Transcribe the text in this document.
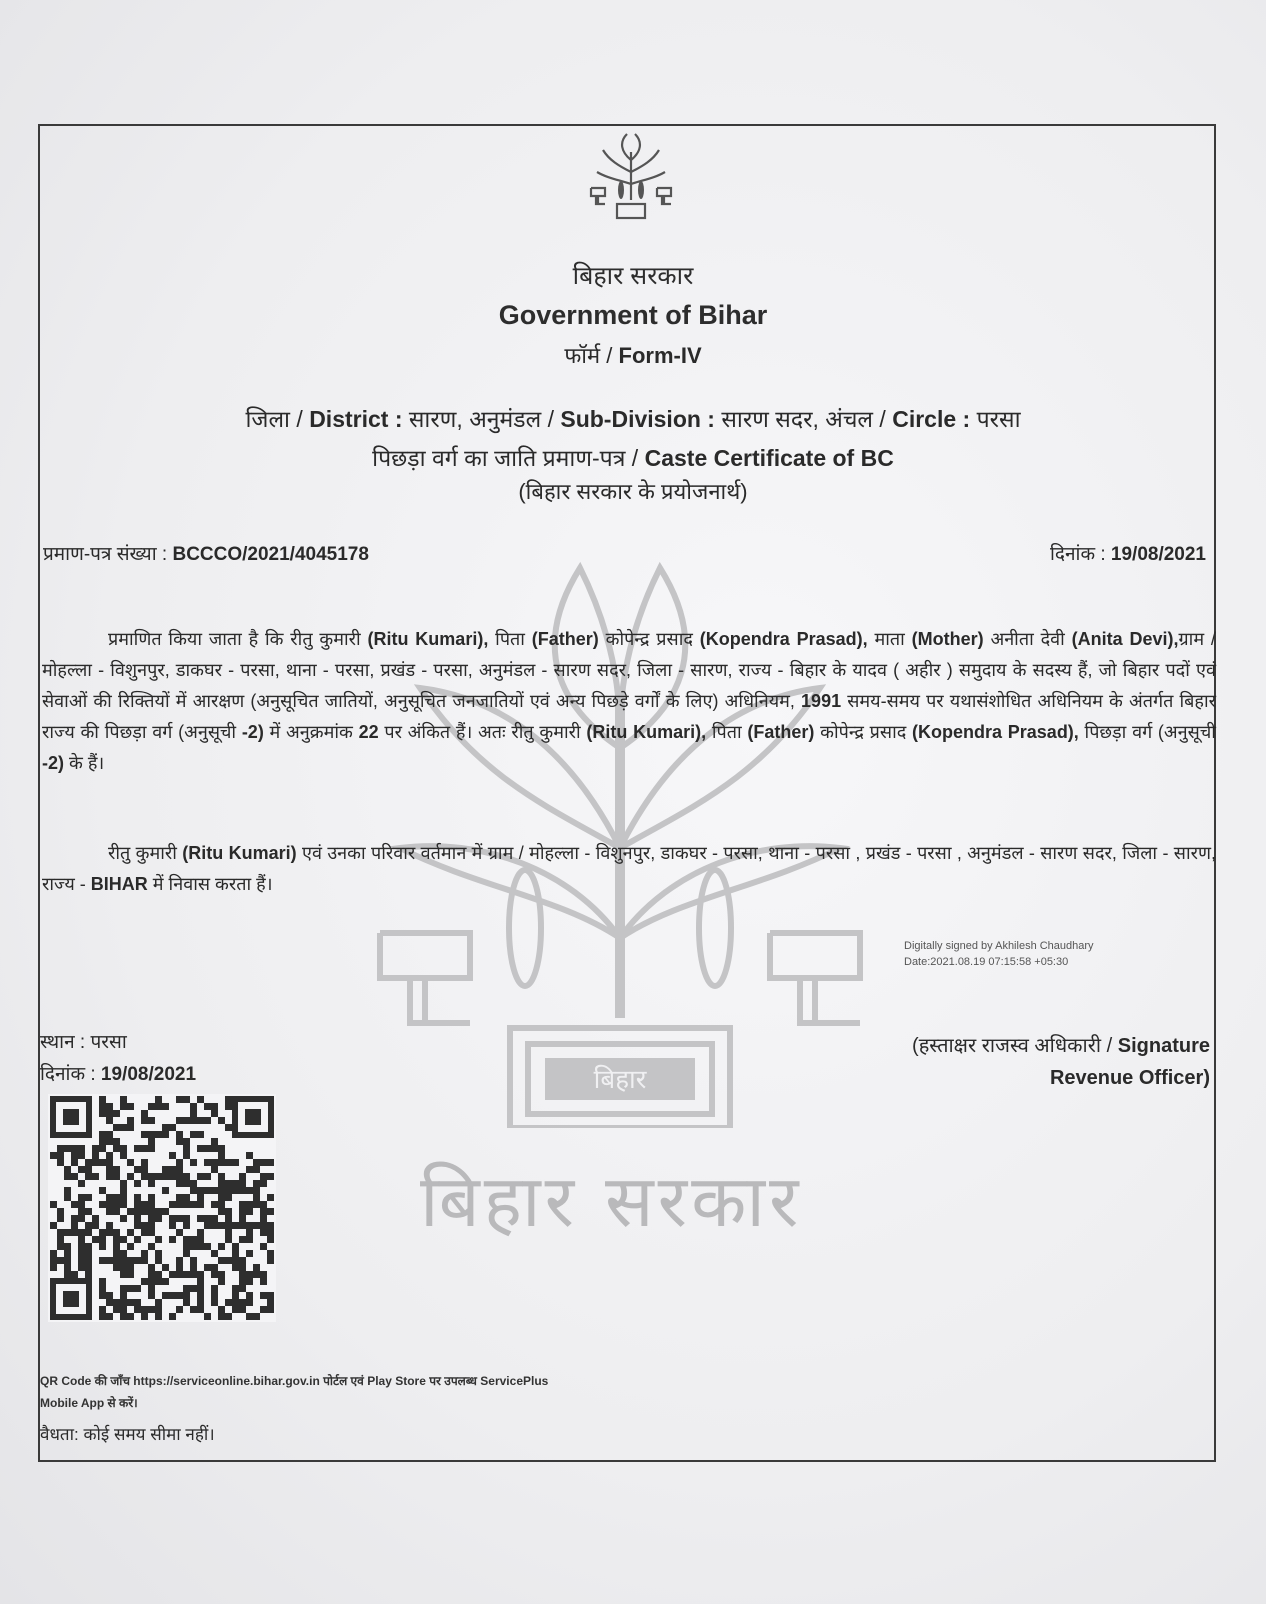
बिहार
बिहार सरकार
बिहार सरकार
Government of Bihar
फॉर्म / Form-IV
जिला / District : सारण, अनुमंडल / Sub-Division : सारण सदर, अंचल / Circle : परसा
पिछड़ा वर्ग का जाति प्रमाण-पत्र / Caste Certificate of BC
(बिहार सरकार के प्रयोजनार्थ)
प्रमाण-पत्र संख्या : BCCCO/2021/4045178	दिनांक : 19/08/2021
प्रमाणित किया जाता है कि रीतु कुमारी (Ritu Kumari), पिता (Father) कोपेन्द्र प्रसाद (Kopendra Prasad), माता (Mother) अनीता देवी (Anita Devi),ग्राम / मोहल्ला - विशुनपुर, डाकघर - परसा, थाना - परसा, प्रखंड - परसा, अनुमंडल - सारण सदर, जिला - सारण, राज्य - बिहार के यादव ( अहीर ) समुदाय के सदस्य हैं, जो बिहार पदों एवं सेवाओं की रिक्तियों में आरक्षण (अनुसूचित जातियों, अनुसूचित जनजातियों एवं अन्य पिछड़े वर्गों के लिए) अधिनियम, 1991 समय-समय पर यथासंशोधित अधिनियम के अंतर्गत बिहार राज्य की पिछड़ा वर्ग (अनुसूची -2) में अनुक्रमांक 22 पर अंकित हैं। अतः रीतु कुमारी (Ritu Kumari), पिता (Father) कोपेन्द्र प्रसाद (Kopendra Prasad), पिछड़ा वर्ग (अनुसूची -2) के हैं।
रीतु कुमारी (Ritu Kumari) एवं उनका परिवार वर्तमान में ग्राम / मोहल्ला - विशुनपुर, डाकघर - परसा, थाना - परसा , प्रखंड - परसा , अनुमंडल - सारण सदर, जिला - सारण, राज्य - BIHAR में निवास करता हैं।
Digitally signed by Akhilesh Chaudhary
Date:2021.08.19 07:15:58 +05:30
स्थान : परसा
दिनांक : 19/08/2021
(हस्ताक्षर राजस्व अधिकारी / Signature
Revenue Officer)
QR Code की जाँच https://serviceonline.bihar.gov.in पोर्टल एवं Play Store पर उपलब्ध ServicePlus
Mobile App से करें।
वैधता: कोई समय सीमा नहीं।
